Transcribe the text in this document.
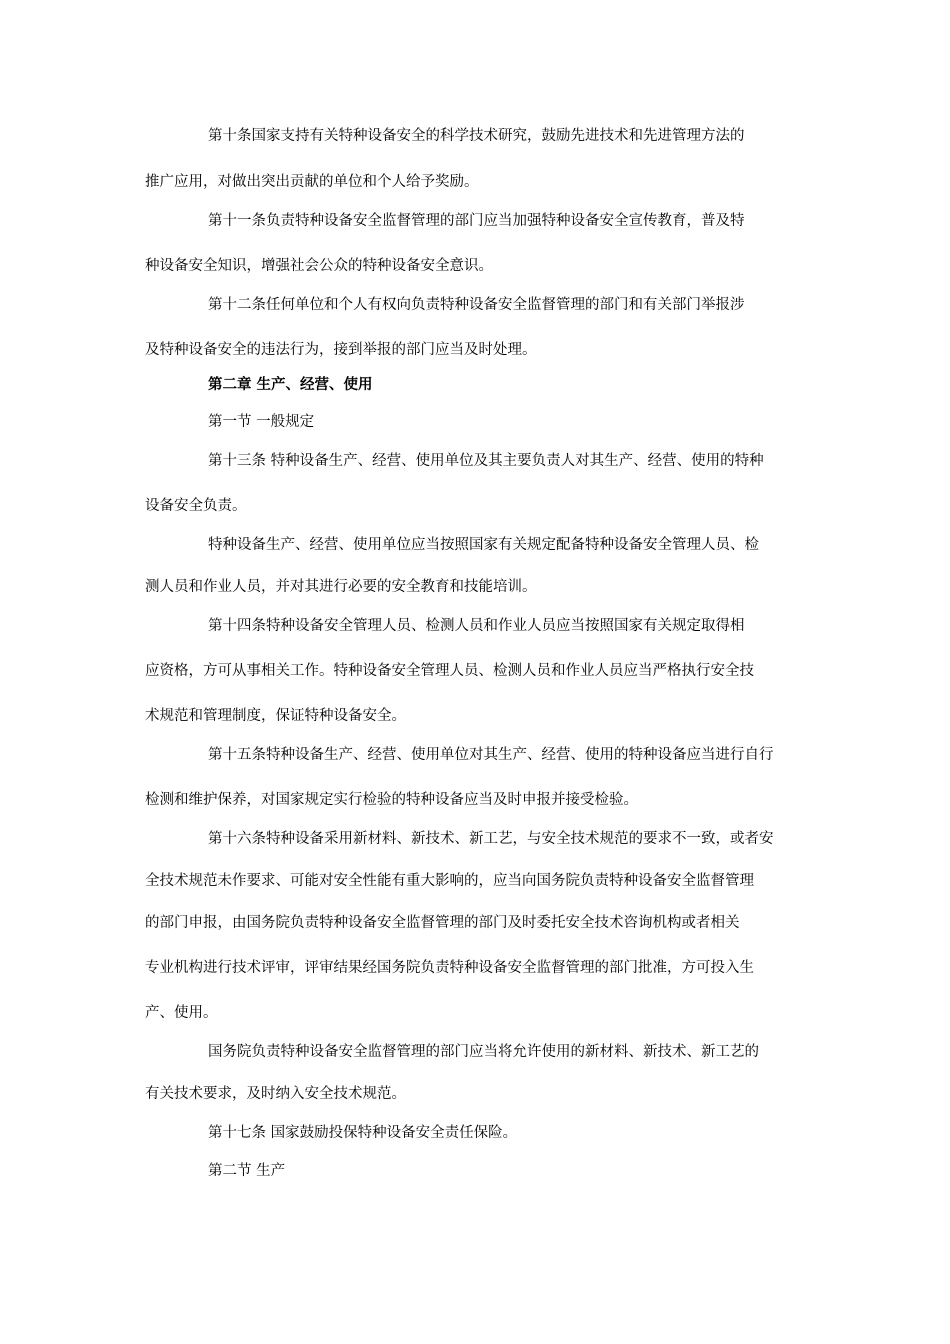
第十条国家支持有关特种设备安全的科学技术研究，鼓励先进技术和先进管理方法的
推广应用，对做出突出贡献的单位和个人给予奖励。
第十一条负责特种设备安全监督管理的部门应当加强特种设备安全宣传教育，普及特
种设备安全知识，增强社会公众的特种设备安全意识。
第十二条任何单位和个人有权向负责特种设备安全监督管理的部门和有关部门举报涉
及特种设备安全的违法行为，接到举报的部门应当及时处理。
第二章 生产、经营、使用
第一节 一般规定
第十三条 特种设备生产、经营、使用单位及其主要负责人对其生产、经营、使用的特种
设备安全负责。
特种设备生产、经营、使用单位应当按照国家有关规定配备特种设备安全管理人员、检
测人员和作业人员，并对其进行必要的安全教育和技能培训。
第十四条特种设备安全管理人员、检测人员和作业人员应当按照国家有关规定取得相
应资格，方可从事相关工作。特种设备安全管理人员、检测人员和作业人员应当严格执行安全技
术规范和管理制度，保证特种设备安全。
第十五条特种设备生产、经营、使用单位对其生产、经营、使用的特种设备应当进行自行
检测和维护保养，对国家规定实行检验的特种设备应当及时申报并接受检验。
第十六条特种设备采用新材料、新技术、新工艺，与安全技术规范的要求不一致，或者安
全技术规范未作要求、可能对安全性能有重大影响的，应当向国务院负责特种设备安全监督管理
的部门申报，由国务院负责特种设备安全监督管理的部门及时委托安全技术咨询机构或者相关
专业机构进行技术评审，评审结果经国务院负责特种设备安全监督管理的部门批准，方可投入生
产、使用。
国务院负责特种设备安全监督管理的部门应当将允许使用的新材料、新技术、新工艺的
有关技术要求，及时纳入安全技术规范。
第十七条 国家鼓励投保特种设备安全责任保险。
第二节 生产
